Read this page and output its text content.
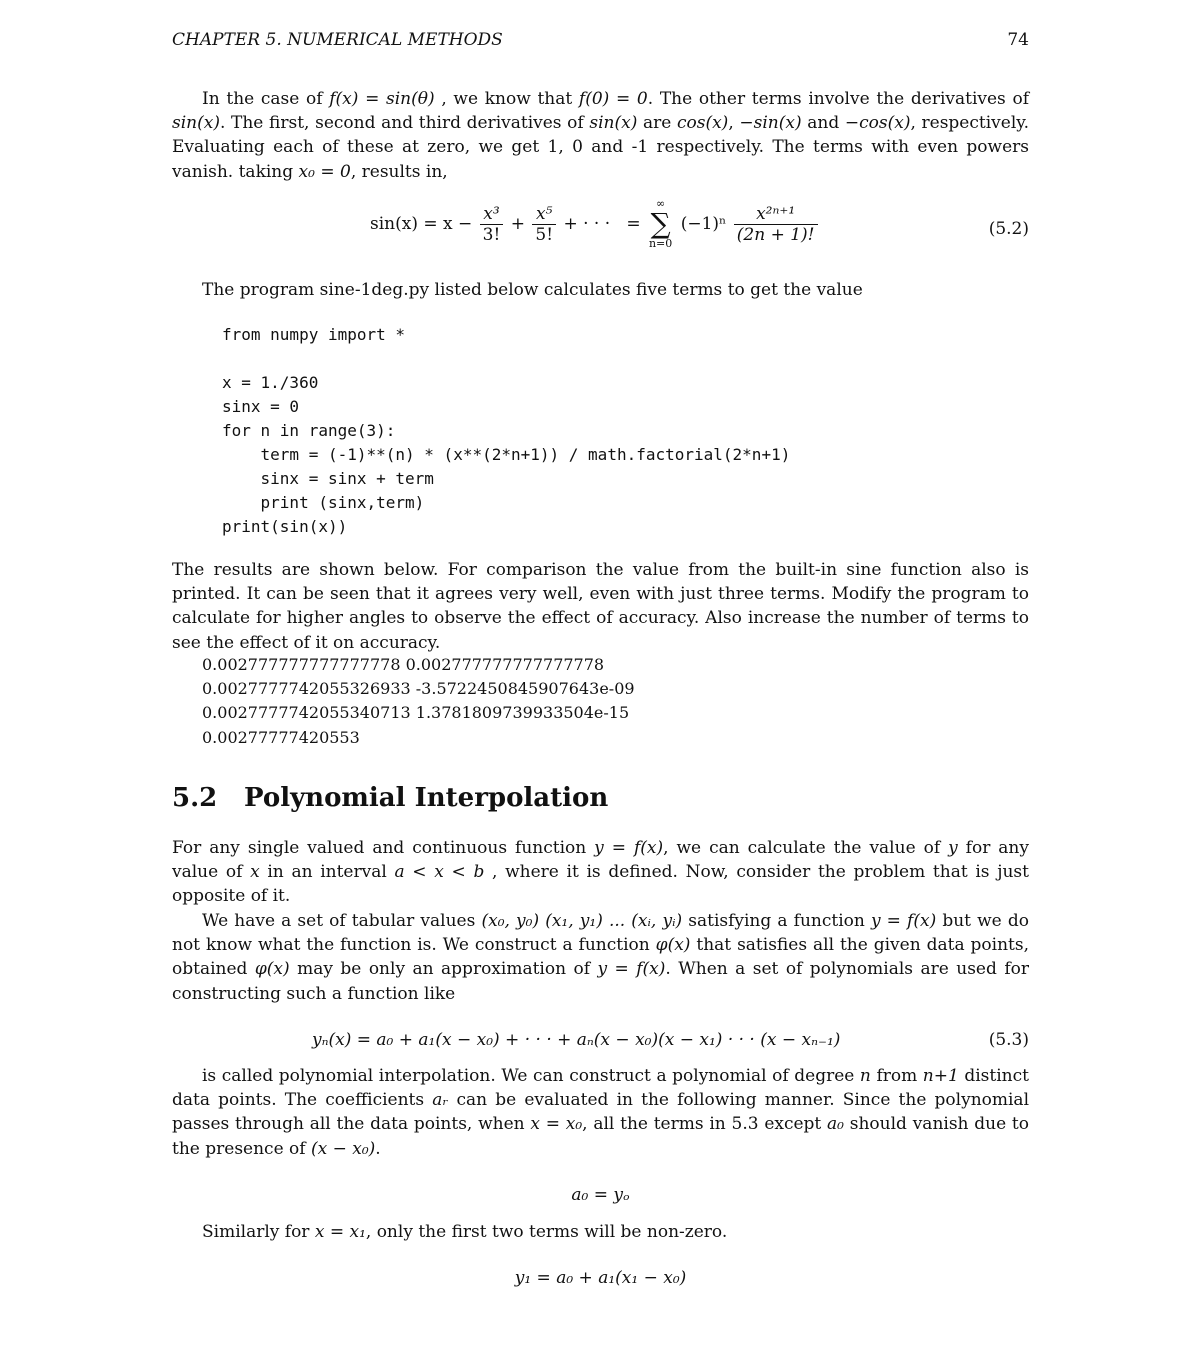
CHAPTER 5. NUMERICAL METHODS	74

In the case of f(x) = sin(θ) , we know that f(0) = 0. The other terms involve the derivatives of sin(x). The first, second and third derivatives of sin(x) are cos(x), −sin(x) and −cos(x), respectively. Evaluating each of these at zero, we get 1, 0 and -1 respectively. The terms with even powers vanish. taking x₀ = 0, results in,

$\sin(x) = x - \frac{\text{x³}}{3!} + \frac{\text{x⁵}}{5!}$ + · · ·   =
∞
∑
n=0
$(-1)^n \frac{\text{x²ⁿ⁺¹}}{(2n + 1)!}$	(5.2)

The program sine-1deg.py listed below calculates five terms to get the value

from numpy import *

x = 1./360
sinx = 0
for n in range(3):
term = (-1)**(n) * (x**(2*n+1)) / math.factorial(2*n+1)
sinx = sinx + term
print (sinx,term)
print(sin(x))

The results are shown below. For comparison the value from the built-in sine function also is printed. It can be seen that it agrees very well, even with just three terms. Modify the program to calculate for higher angles to observe the effect of accuracy. Also increase the number of terms to see the effect of it on accuracy.

0.002777777777777778 0.002777777777777778
0.0027777742055326933 -3.5722450845907643e-09
0.0027777742055340713 1.3781809739933504e-15
0.00277777420553
5.2 Polynomial Interpolation

For any single valued and continuous function y = f(x), we can calculate the value of y for any value of x in an interval a < x < b , where it is defined. Now, consider the problem that is just opposite of it.

We have a set of tabular values (x₀, y₀) (x₁, y₁) ... (xᵢ, yᵢ) satisfying a function y = f(x) but we do not know what the function is. We construct a function φ(x) that satisfies all the given data points, obtained φ(x) may be only an approximation of y = f(x). When a set of polynomials are used for constructing such a function like

yₙ(x) = a₀ + a₁(x − x₀) + · · · + aₙ(x − x₀)(x − x₁) · · · (x − xₙ₋₁)	(5.3)

is called polynomial interpolation. We can construct a polynomial of degree n from n+1 distinct data points. The coefficients aᵣ can be evaluated in the following manner. Since the polynomial passes through all the data points, when x = x₀, all the terms in 5.3 except a₀ should vanish due to the presence of (x − x₀).

a₀ = yₒ

Similarly for x = x₁, only the first two terms will be non-zero.

y₁ = a₀ + a₁(x₁ − x₀)
